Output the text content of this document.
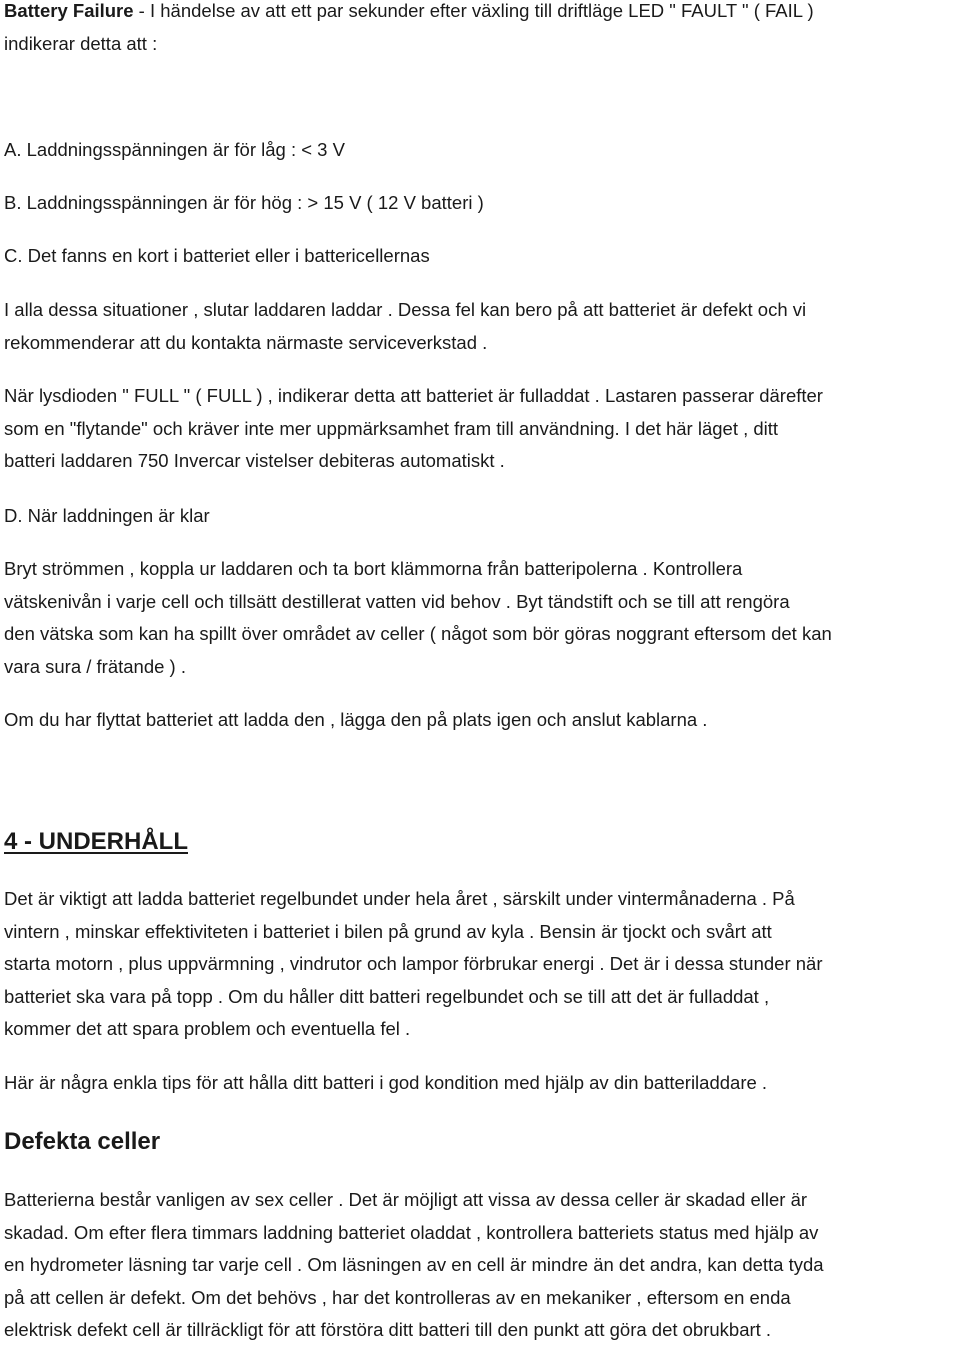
Battery Failure - I händelse av att ett par sekunder efter växling till driftläge LED " FAULT " ( FAIL )
indikerar detta att :

A. Laddningsspänningen är för låg : < 3 V

B. Laddningsspänningen är för hög : > 15 V ( 12 V batteri )

C. Det fanns en kort i batteriet eller i battericellernas

I alla dessa situationer , slutar laddaren laddar . Dessa fel kan bero på att batteriet är defekt och vi
rekommenderar att du kontakta närmaste serviceverkstad .

När lysdioden " FULL " ( FULL ) , indikerar detta att batteriet är fulladdat . Lastaren passerar därefter
som en "flytande" och kräver inte mer uppmärksamhet fram till användning. I det här läget , ditt
batteri laddaren 750 Invercar vistelser debiteras automatiskt .

D. När laddningen är klar

Bryt strömmen , koppla ur laddaren och ta bort klämmorna från batteripolerna . Kontrollera
vätskenivån i varje cell och tillsätt destillerat vatten vid behov . Byt tändstift och se till att rengöra
den vätska som kan ha spillt över området av celler ( något som bör göras noggrant eftersom det kan
vara sura / frätande ) .

Om du har flyttat batteriet att ladda den , lägga den på plats igen och anslut kablarna .

4 - UNDERHÅLL

Det är viktigt att ladda batteriet regelbundet under hela året , särskilt under vintermånaderna . På
vintern , minskar effektiviteten i batteriet i bilen på grund av kyla . Bensin är tjockt och svårt att
starta motorn , plus uppvärmning , vindrutor och lampor förbrukar energi . Det är i dessa stunder när
batteriet ska vara på topp . Om du håller ditt batteri regelbundet och se till att det är fulladdat ,
kommer det att spara problem och eventuella fel .

Här är några enkla tips för att hålla ditt batteri i god kondition med hjälp av din batteriladdare .

Defekta celler

Batterierna består vanligen av sex celler . Det är möjligt att vissa av dessa celler är skadad eller är
skadad. Om efter flera timmars laddning batteriet oladdat , kontrollera batteriets status med hjälp av
en hydrometer läsning tar varje cell . Om läsningen av en cell är mindre än det andra, kan detta tyda
på att cellen är defekt. Om det behövs , har det kontrolleras av en mekaniker , eftersom en enda
elektrisk defekt cell är tillräckligt för att förstöra ditt batteri till den punkt att göra det obrukbart .
